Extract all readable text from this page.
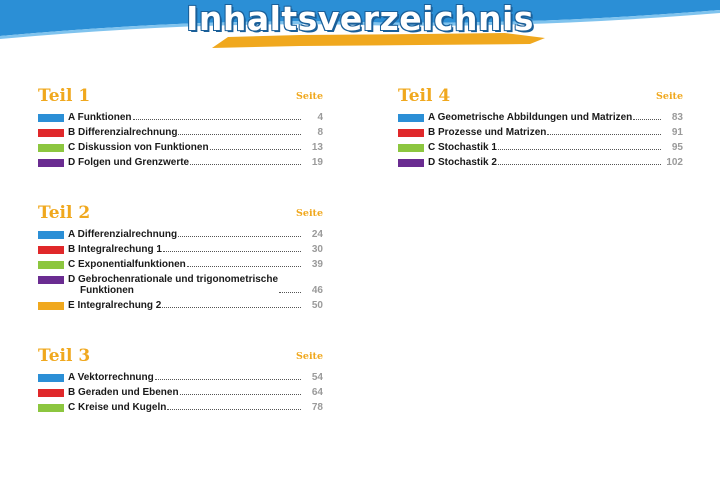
Inhaltsverzeichnis
Teil 1	Seite
A Funktionen	4
B Differenzialrechnung	8
C Diskussion von Funktionen	13
D Folgen und Grenzwerte	19
Teil 2	Seite
A Differenzialrechnung	24
B Integralrechung 1	30
C Exponentialfunktionen	39
D Gebrochenrationale und trigonometrische
Funktionen	46
E Integralrechung 2	50
Teil 3	Seite
A Vektorrechnung	54
B Geraden und Ebenen	64
C Kreise und Kugeln	78
Teil 4	Seite
A Geometrische Abbildungen und Matrizen	83
B Prozesse und Matrizen	91
C Stochastik 1	95
D Stochastik 2	102
